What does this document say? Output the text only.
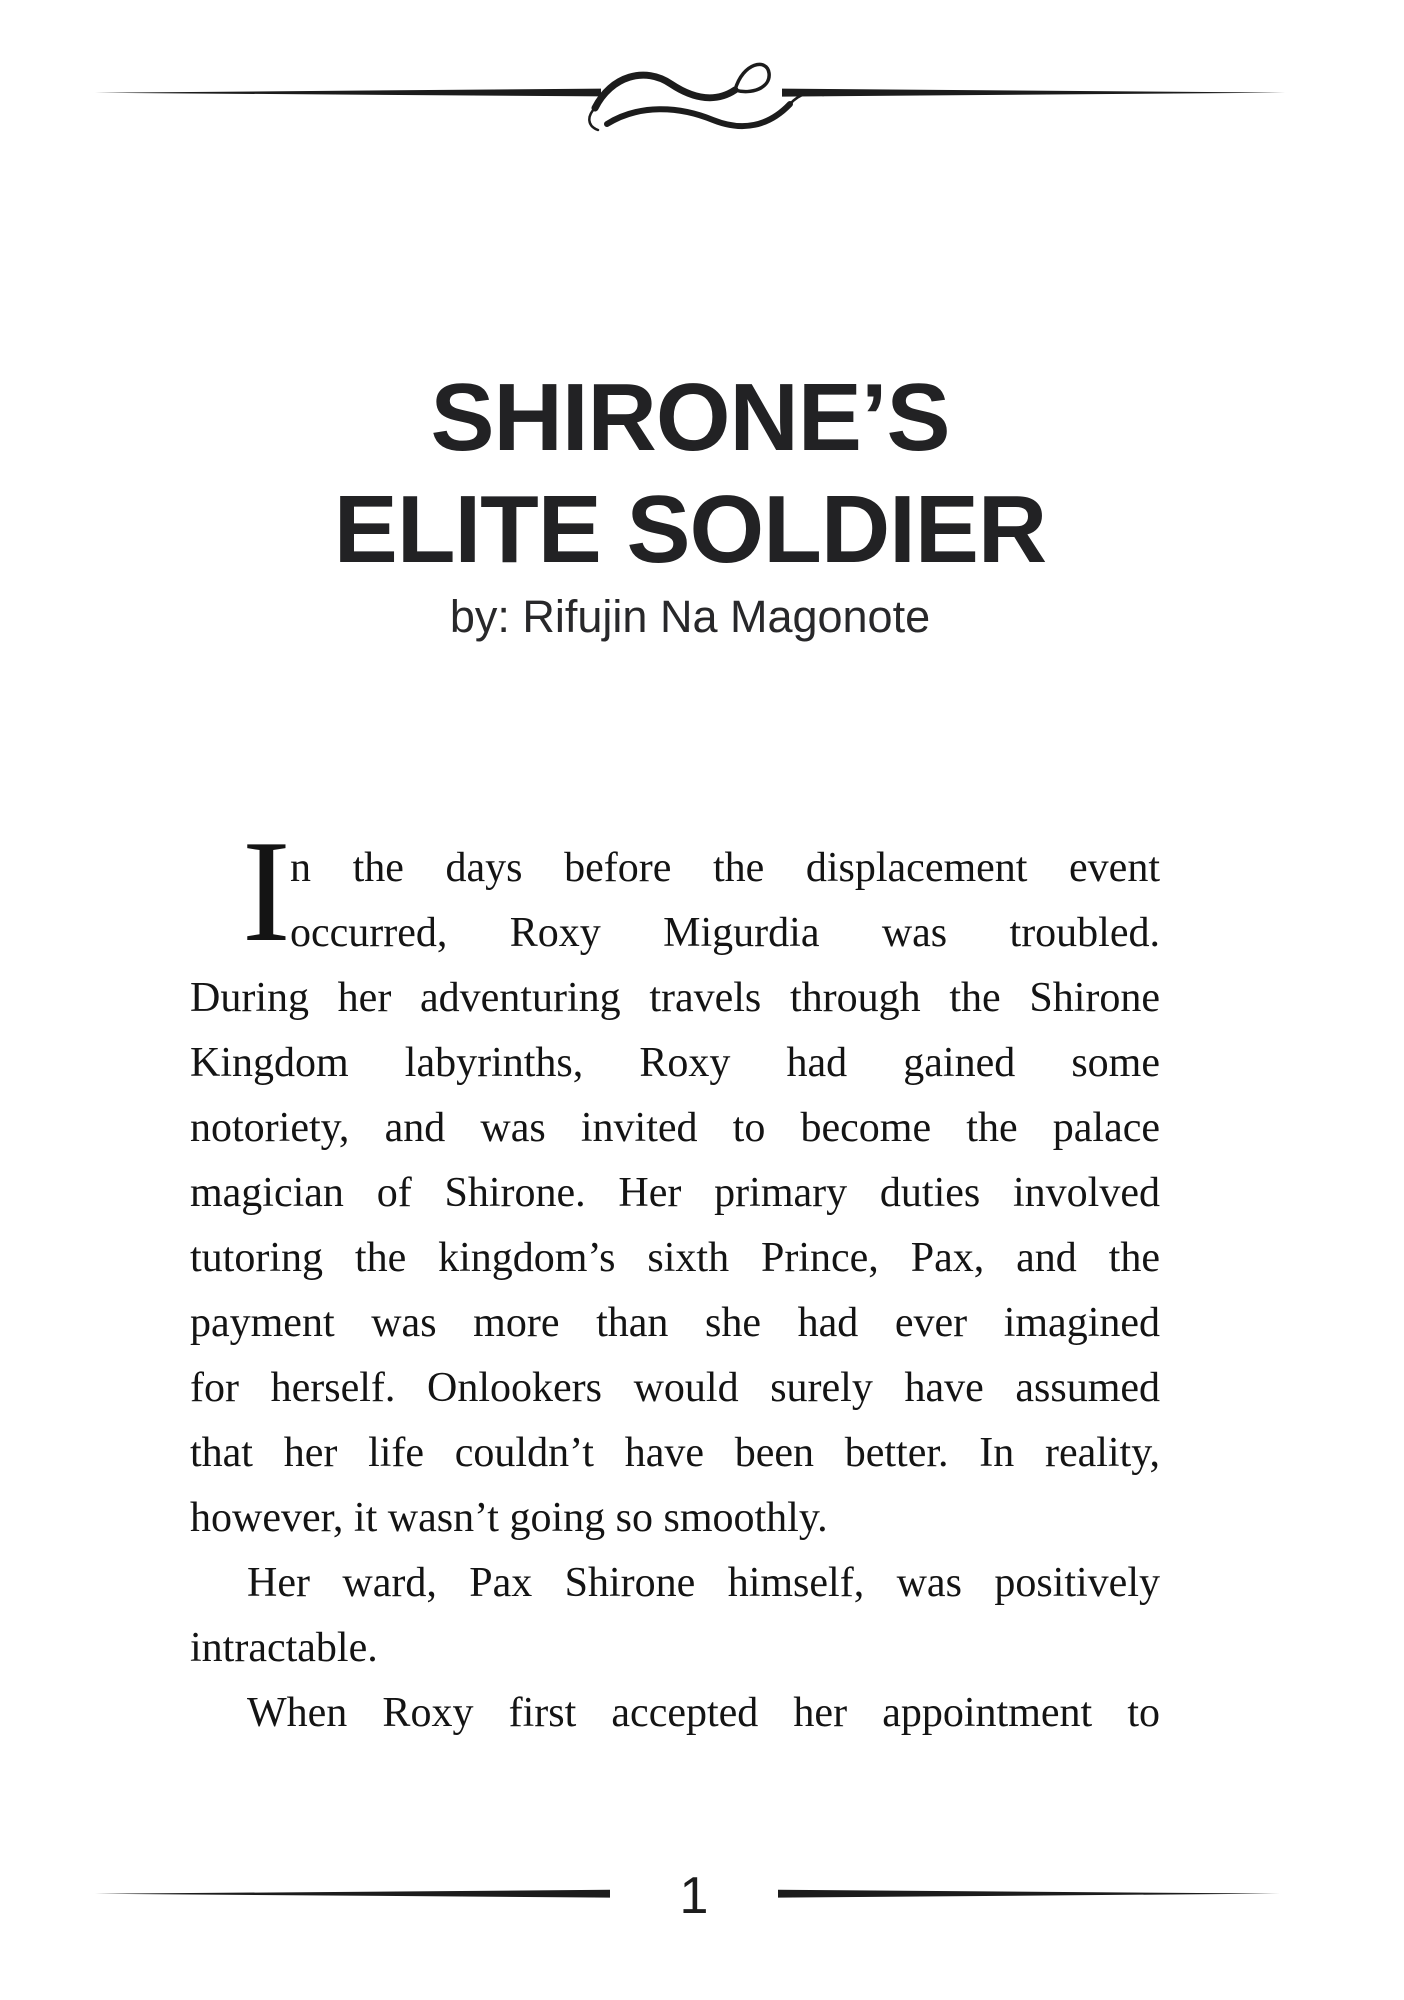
SHIRONE’S
ELITE SOLDIER
by: Rifujin Na Magonote
I n the days before the displacement event
occurred, Roxy Migurdia was troubled.
During her adventuring travels through the Shirone
Kingdom labyrinths, Roxy had gained some
notoriety, and was invited to become the palace
magician of Shirone. Her primary duties involved
tutoring the kingdom’s sixth Prince, Pax, and the
payment was more than she had ever imagined
for herself. Onlookers would surely have assumed
that her life couldn’t have been better. In reality,
however, it wasn’t going so smoothly.
Her ward, Pax Shirone himself, was positively
intractable.
When Roxy first accepted her appointment to
1
